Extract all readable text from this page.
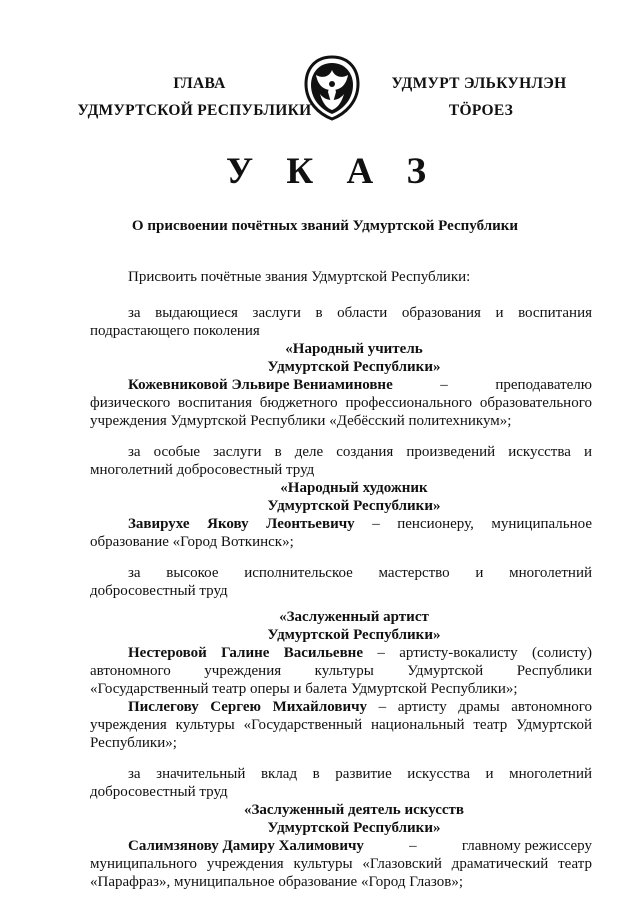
ГЛАВА
УДМУРТСКОЙ РЕСПУБЛИКИ
УДМУРТ ЭЛЬКУНЛЭН
ТӦРОЕЗ
У К А З
О присвоении почётных званий Удмуртской Республики
Присвоить почётные звания Удмуртской Республики:
за выдающиеся заслуги в области образования и воспитания
подрастающего поколения
«Народный учитель
Удмуртской Республики»
Кожевниковой Эльвире Вениаминовне	–	преподавателю
физического воспитания бюджетного профессионального образовательного учреждения Удмуртской Республики «Дебёсский политехникум»;
за особые заслуги в деле создания произведений искусства и
многолетний добросовестный труд
«Народный художник
Удмуртской Республики»
Завирухе Якову Леонтьевичу – пенсионеру, муниципальное образование «Город Воткинск»;
за высокое исполнительское мастерство и многолетний
добросовестный труд
«Заслуженный артист
Удмуртской Республики»
Нестеровой Галине Васильевне – артисту-вокалисту (солисту) автономного учреждения культуры Удмуртской Республики «Государственный театр оперы и балета Удмуртской Республики»;
Пислегову Сергею Михайловичу – артисту драмы автономного учреждения культуры «Государственный национальный театр Удмуртской Республики»;
за значительный вклад в развитие искусства и многолетний
добросовестный труд
«Заслуженный деятель искусств
Удмуртской Республики»
Салимзянову Дамиру Халимовичу	–	главному режиссеру
муниципального учреждения культуры «Глазовский драматический театр «Парафраз», муниципальное образование «Город Глазов»;
